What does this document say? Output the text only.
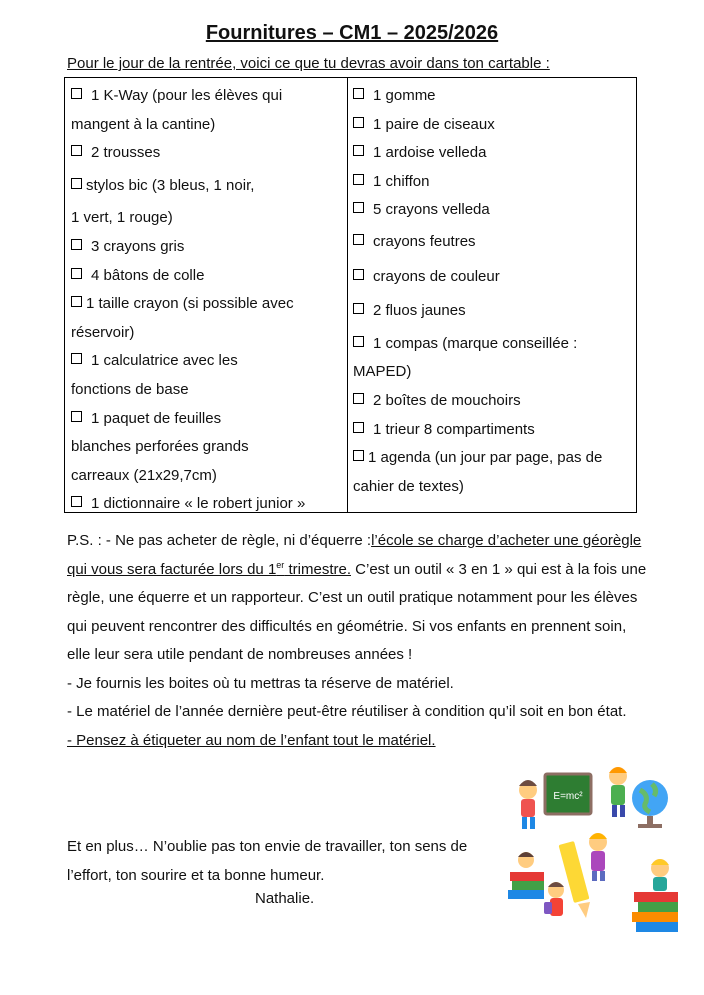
Fournitures – CM1 – 2025/2026
Pour le jour de la rentrée, voici ce que tu devras avoir dans ton cartable :
1 K-Way (pour les élèves qui
mangent à la cantine)
2 trousses
stylos bic (3 bleus, 1 noir,
1 vert, 1 rouge)
3 crayons gris
4 bâtons de colle
1 taille crayon (si possible avec
réservoir)
1 calculatrice avec les
fonctions de base
1 paquet de feuilles
blanches perforées grands
carreaux (21x29,7cm)
1 dictionnaire « le robert junior »
1 gomme
1 paire de ciseaux
1 ardoise velleda
1 chiffon
5 crayons velleda
crayons feutres
crayons de couleur
2 fluos jaunes
1 compas (marque conseillée :
MAPED)
2 boîtes de mouchoirs
1 trieur 8 compartiments
1 agenda (un jour par page, pas de
cahier de textes)

P.S. : - Ne pas acheter de règle, ni d’équerre :l’école se charge d’acheter une géorègle qui vous sera facturée lors du 1er trimestre. C’est un outil « 3 en 1 » qui est à la fois une règle, une équerre et un rapporteur. C’est un outil pratique notamment pour les élèves qui peuvent rencontrer des difficultés en géométrie. Si vos enfants en prennent soin, elle leur sera utile pendant de nombreuses années !

- Je fournis les boites où tu mettras ta réserve de matériel.

- Le matériel de l’année dernière peut-être réutiliser à condition qu’il soit en bon état.

- Pensez à étiqueter au nom de l’enfant tout le matériel.

Et en plus… N’oublie pas ton envie de travailler, ton sens de l’effort, ton sourire et ta bonne humeur.
Nathalie.
E=mc²
